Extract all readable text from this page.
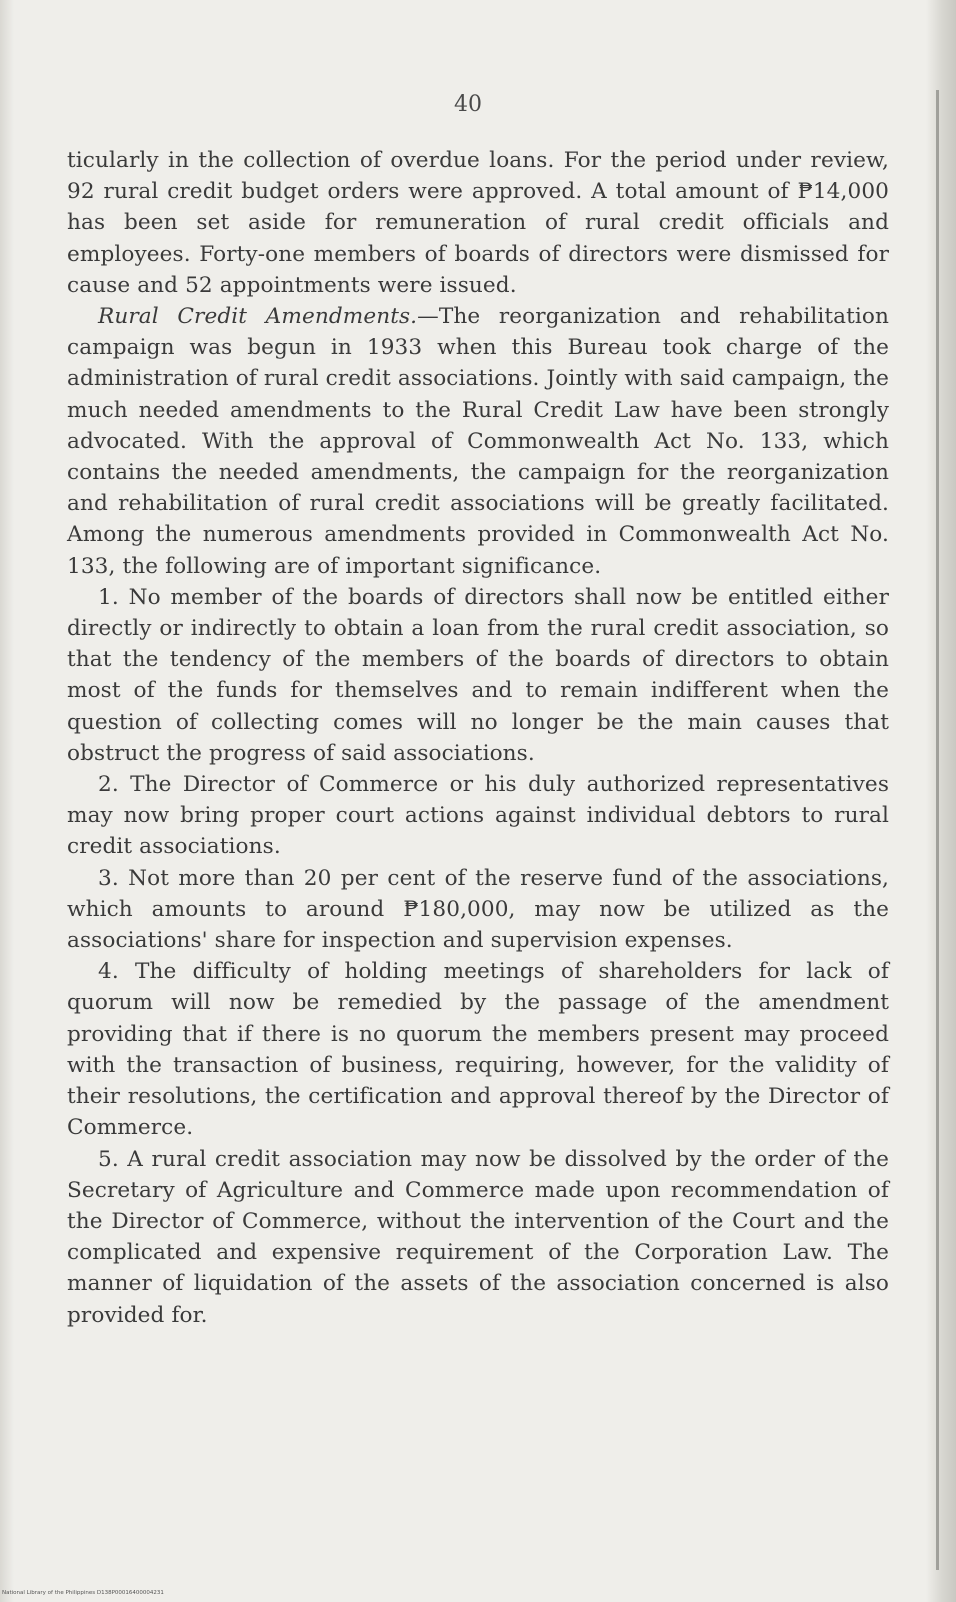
40

ticularly in the collection of overdue loans. For the period under review, 92 rural credit budget orders were approved. A total amount of ₱14,000 has been set aside for remuneration of rural credit officials and employees. Forty-one members of boards of directors were dismissed for cause and 52 appointments were issued.

Rural Credit Amendments.—The reorganization and rehabilitation campaign was begun in 1933 when this Bureau took charge of the administration of rural credit associations. Jointly with said campaign, the much needed amendments to the Rural Credit Law have been strongly advocated. With the approval of Commonwealth Act No. 133, which contains the needed amendments, the campaign for the reorganization and rehabilitation of rural credit associations will be greatly facilitated. Among the numerous amendments provided in Commonwealth Act No. 133, the following are of important significance.

1. No member of the boards of directors shall now be entitled either directly or indirectly to obtain a loan from the rural credit association, so that the tendency of the members of the boards of directors to obtain most of the funds for themselves and to remain indifferent when the question of collecting comes will no longer be the main causes that obstruct the progress of said associations.

2. The Director of Commerce or his duly authorized representatives may now bring proper court actions against individual debtors to rural credit associations.

3. Not more than 20 per cent of the reserve fund of the associations, which amounts to around ₱180,000, may now be utilized as the associations' share for inspection and supervision expenses.

4. The difficulty of holding meetings of shareholders for lack of quorum will now be remedied by the passage of the amendment providing that if there is no quorum the members present may proceed with the transaction of business, requiring, however, for the validity of their resolutions, the certification and approval thereof by the Director of Commerce.

5. A rural credit association may now be dissolved by the order of the Secretary of Agriculture and Commerce made upon recommendation of the Director of Commerce, without the intervention of the Court and the complicated and expensive requirement of the Corporation Law. The manner of liquidation of the assets of the association concerned is also provided for.

National Library of the Philippines D138P00016400004231
